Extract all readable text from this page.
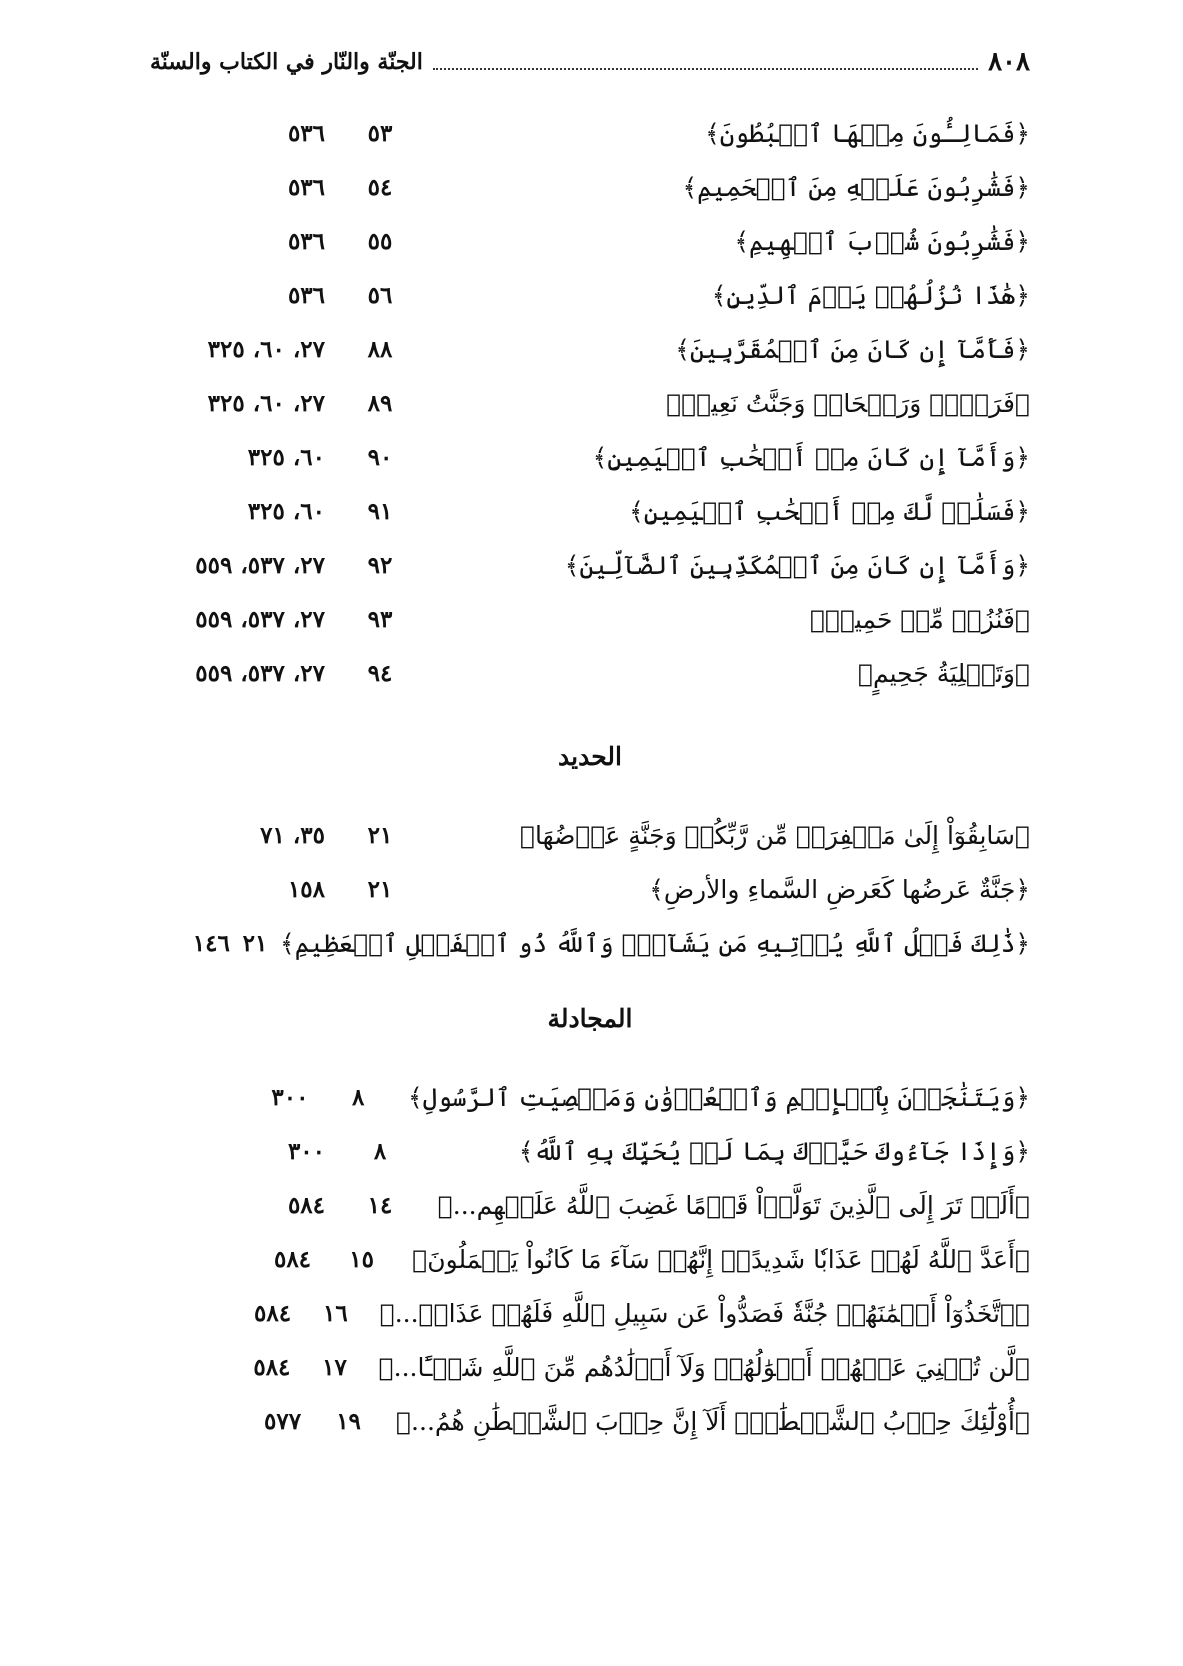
٨٠٨
الجنّة والنّار في الكتاب والسنّة
﴿فَمَالِـُٔونَ مِنۡهَا ٱلۡبُطُونَ﴾
٥٣
٥٣٦
﴿فَشَٰرِبُونَ عَلَيۡهِ مِنَ ٱلۡحَمِيمِ﴾
٥٤
٥٣٦
﴿فَشَٰرِبُونَ شُرۡبَ ٱلۡهِيمِ﴾
٥٥
٥٣٦
﴿هَٰذَا نُزُلُهُمۡ يَوۡمَ ٱلدِّينِ﴾
٥٦
٥٣٦
﴿فَأَمَّآ إِن كَانَ مِنَ ٱلۡمُقَرَّبِينَ﴾
٨٨
٢٧، ٦٠، ٣٢٥
﴿فَرَوۡحٞ وَرَيۡحَانٞ وَجَنَّتُ نَعِيمٖ﴾
٨٩
٢٧، ٦٠، ٣٢٥
﴿وَأَمَّآ إِن كَانَ مِنۡ أَصۡحَٰبِ ٱلۡيَمِينِ﴾
٩٠
٦٠، ٣٢٥
﴿فَسَلَٰمٞ لَّكَ مِنۡ أَصۡحَٰبِ ٱلۡيَمِينِ﴾
٩١
٦٠، ٣٢٥
﴿وَأَمَّآ إِن كَانَ مِنَ ٱلۡمُكَذِّبِينَ ٱلضَّآلِّينَ﴾
٩٢
٢٧، ٥٣٧، ٥٥٩
﴿فَنُزُلٞ مِّنۡ حَمِيمٖ﴾
٩٣
٢٧، ٥٣٧، ٥٥٩
﴿وَتَصۡلِيَةُ جَحِيمٍ﴾
٩٤
٢٧، ٥٣٧، ٥٥٩
الحديد
﴿سَابِقُوٓاْ إِلَىٰ مَغۡفِرَةٖ مِّن رَّبِّكُمۡ وَجَنَّةٍ عَرۡضُهَا﴾
٢١
٣٥، ٧١
﴿جَنَّةٌ عَرضُها كَعَرضِ السَّماءِ والأرضِ﴾
٢١
١٥٨
﴿ذَٰلِكَ فَضۡلُ ٱللَّهِ يُؤۡتِيهِ مَن يَشَآءُۚ وَٱللَّهُ ذُو ٱلۡفَضۡلِ ٱلۡعَظِيمِ﴾
٢١
١٤٦
المجادلة
﴿وَيَتَنَٰجَوۡنَ بِٱلۡإِثۡمِ وَٱلۡعُدۡوَٰنِ وَمَعۡصِيَتِ ٱلرَّسُولِ﴾
٨
٣٠٠
﴿وَإِذَا جَآءُوكَ حَيَّوۡكَ بِمَا لَمۡ يُحَيِّكَ بِهِ ٱللَّهُ﴾
٨
٣٠٠
﴿أَلَمۡ تَرَ إِلَى ٱلَّذِينَ تَوَلَّوۡاْ قَوۡمًا غَضِبَ ٱللَّهُ عَلَيۡهِم...﴾
١٤
٥٨٤
﴿أَعَدَّ ٱللَّهُ لَهُمۡ عَذَابٗا شَدِيدًاۖ إِنَّهُمۡ سَآءَ مَا كَانُواْ يَعۡمَلُونَ﴾
١٥
٥٨٤
﴿ٱتَّخَذُوٓاْ أَيۡمَٰنَهُمۡ جُنَّةٗ فَصَدُّواْ عَن سَبِيلِ ٱللَّهِ فَلَهُمۡ عَذَابٞ...﴾
١٦
٥٨٤
﴿لَّن تُغۡنِيَ عَنۡهُمۡ أَمۡوَٰلُهُمۡ وَلَآ أَوۡلَٰدُهُم مِّنَ ٱللَّهِ شَيۡـًٔا...﴾
١٧
٥٨٤
﴿أُوْلَٰٓئِكَ حِزۡبُ ٱلشَّيۡطَٰنِۚ أَلَآ إِنَّ حِزۡبَ ٱلشَّيۡطَٰنِ هُمُ...﴾
١٩
٥٧٧
